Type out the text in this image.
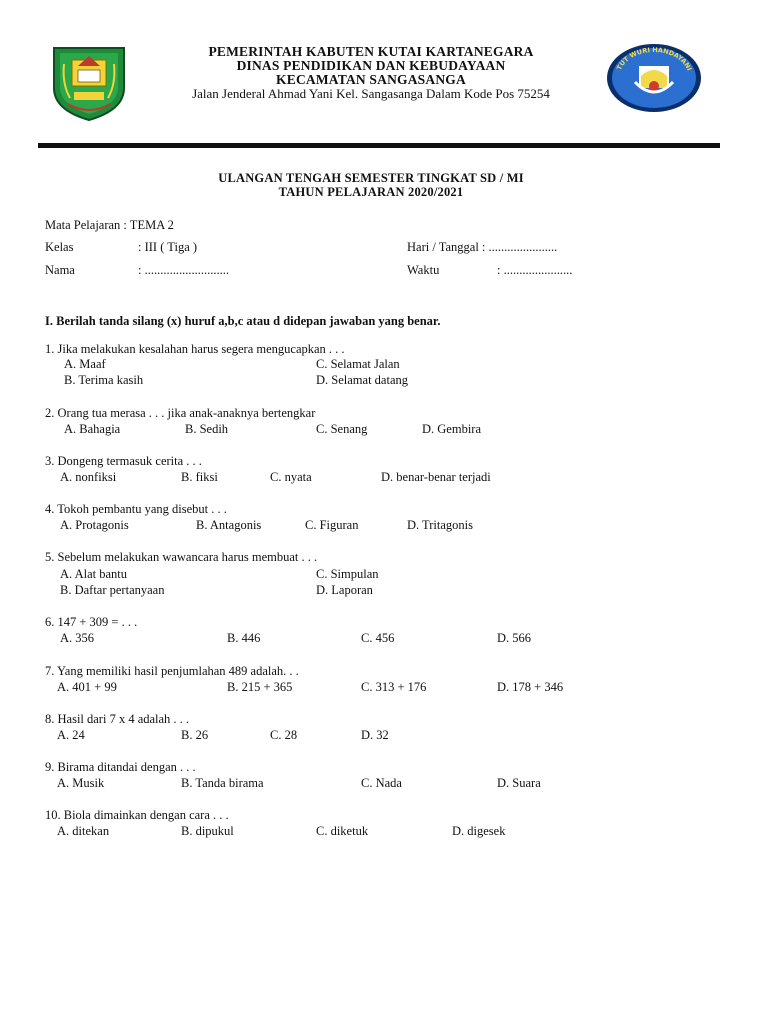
PEMERINTAH KABUTEN KUTAI KARTANEGARA
DINAS PENDIDIKAN DAN KEBUDAYAAN
KECAMATAN SANGASANGA
Jalan Jenderal Ahmad Yani Kel. Sangasanga Dalam Kode Pos 75254
TUT WURI HANDAYANI
ULANGAN TENGAH SEMESTER TINGKAT SD / MI
TAHUN PELAJARAN 2020/2021
Mata Pelajaran : TEMA 2
Kelas	: III ( Tiga )
Nama	: ...........................
Hari / Tanggal : ......................
Waktu	: ......................
I. Berilah tanda silang (x) huruf a,b,c atau d didepan jawaban yang benar.
1. Jika melakukan kesalahan harus segera mengucapkan . . .
A. Maaf	C. Selamat Jalan
B. Terima kasih	D. Selamat datang
2. Orang tua merasa . . . jika anak-anaknya bertengkar
A. Bahagia	B. Sedih	C. Senang	D. Gembira
3. Dongeng termasuk cerita . . .
A. nonfiksi	B. fiksi	C. nyata	D. benar-benar terjadi
4. Tokoh pembantu yang disebut . . .
A. Protagonis	B. Antagonis	C. Figuran	D. Tritagonis
5. Sebelum melakukan wawancara harus membuat . . .
A. Alat bantu	C. Simpulan
B. Daftar pertanyaan	D. Laporan
6. 147 + 309 = . . .
A. 356	B. 446	C. 456	D. 566
7. Yang memiliki hasil penjumlahan 489 adalah. . .
A. 401 + 99	B. 215 + 365	C. 313 + 176	D. 178 + 346
8. Hasil dari 7 x 4 adalah . . .
A. 24	B. 26	C. 28	D. 32
9. Birama ditandai dengan . . .
A. Musik	B. Tanda birama	C. Nada	D. Suara
10. Biola dimainkan dengan cara . . .
A. ditekan	B. dipukul	C. diketuk	D. digesek
